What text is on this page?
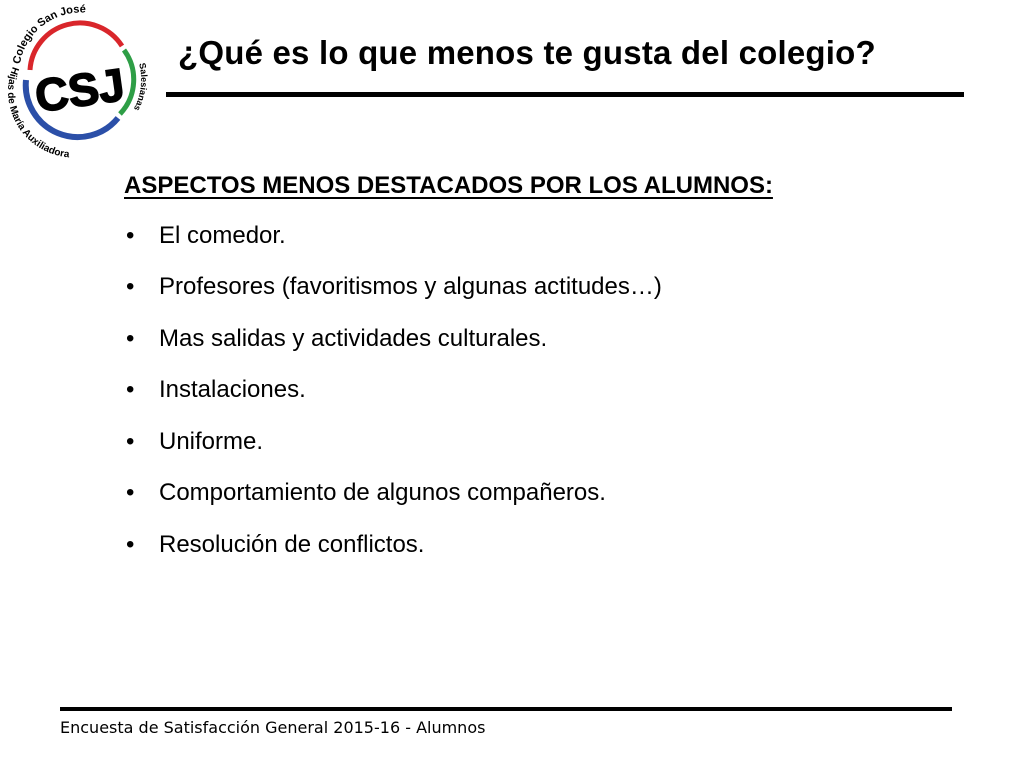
CSJ
Colegio San José
Hijas de María Auxiliadora
Salesianas
¿Qué es lo que menos te gusta del colegio?

ASPECTOS MENOS DESTACADOS POR LOS ALUMNOS:

• El comedor.
• Profesores (favoritismos y algunas actitudes…)
• Mas salidas y actividades culturales.
• Instalaciones.
• Uniforme.
• Comportamiento de algunos compañeros.
• Resolución de conflictos.
Encuesta de Satisfacción General 2015-16 - Alumnos
